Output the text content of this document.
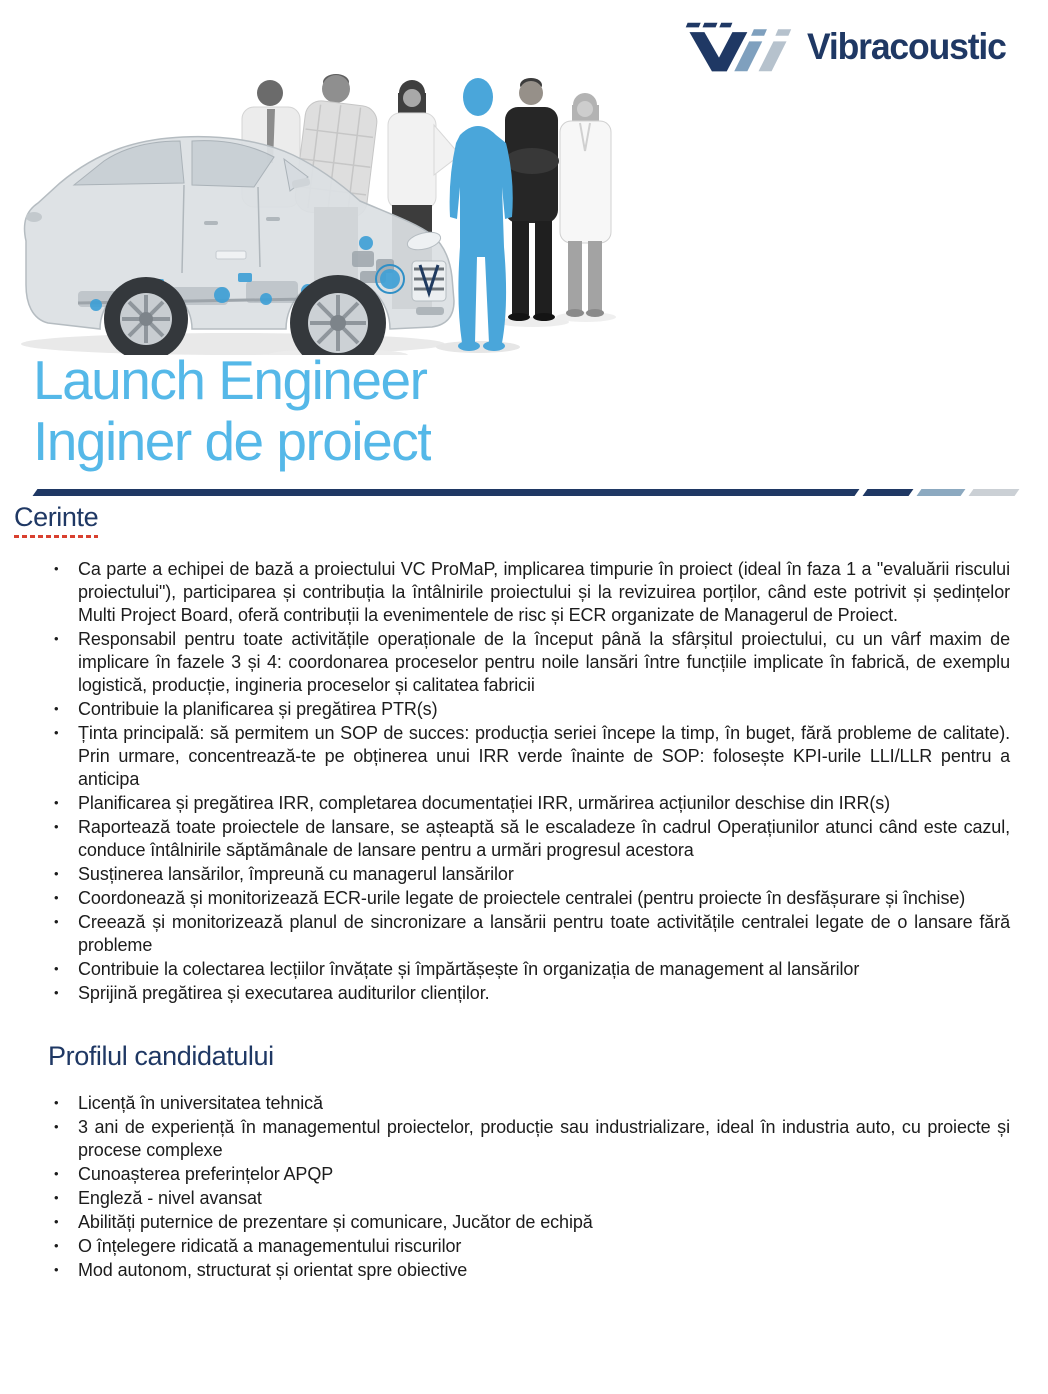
Vibracoustic
Launch Engineer
Inginer de proiect
Cerinte
• Ca parte a echipei de bază a proiectului VC ProMaP, implicarea timpurie în proiect (ideal în faza 1 a "evaluării riscului proiectului"), participarea și contribuția la întâlnirile proiectului și la revizuirea porților, când este potrivit și ședințelor Multi Project Board, oferă contribuții la evenimentele de risc și ECR organizate de Managerul de Proiect.
• Responsabil pentru toate activitățile operaționale de la început până la sfârșitul proiectului, cu un vârf maxim de implicare în fazele 3 și 4: coordonarea proceselor pentru noile lansări între funcțiile implicate în fabrică, de exemplu logistică, producție, ingineria proceselor și calitatea fabricii
• Contribuie la planificarea și pregătirea PTR(s)
• Ținta principală: să permitem un SOP de succes: producția seriei începe la timp, în buget, fără probleme de calitate). Prin urmare, concentrează-te pe obținerea unui IRR verde înainte de SOP: folosește KPI-urile LLI/LLR pentru a anticipa
• Planificarea și pregătirea IRR, completarea documentației IRR, urmărirea acțiunilor deschise din IRR(s)
• Raportează toate proiectele de lansare, se așteaptă să le escaladeze în cadrul Operațiunilor atunci când este cazul, conduce întâlnirile săptămânale de lansare pentru a urmări progresul acestora
• Susținerea lansărilor, împreună cu managerul lansărilor
• Coordonează și monitorizează ECR-urile legate de proiectele centralei (pentru proiecte în desfășurare și închise)
• Creează și monitorizează planul de sincronizare a lansării pentru toate activitățile centralei legate de o lansare fără probleme
• Contribuie la colectarea lecțiilor învățate și împărtășește în organizația de management al lansărilor
• Sprijină pregătirea și executarea auditurilor clienților.
Profilul candidatului
• Licență în universitatea tehnică
• 3 ani de experiență în managementul proiectelor, producție sau industrializare, ideal în industria auto, cu proiecte și procese complexe
• Cunoașterea preferințelor APQP
• Engleză - nivel avansat
• Abilități puternice de prezentare și comunicare, Jucător de echipă
• O înțelegere ridicată a managementului riscurilor
• Mod autonom, structurat și orientat spre obiective
